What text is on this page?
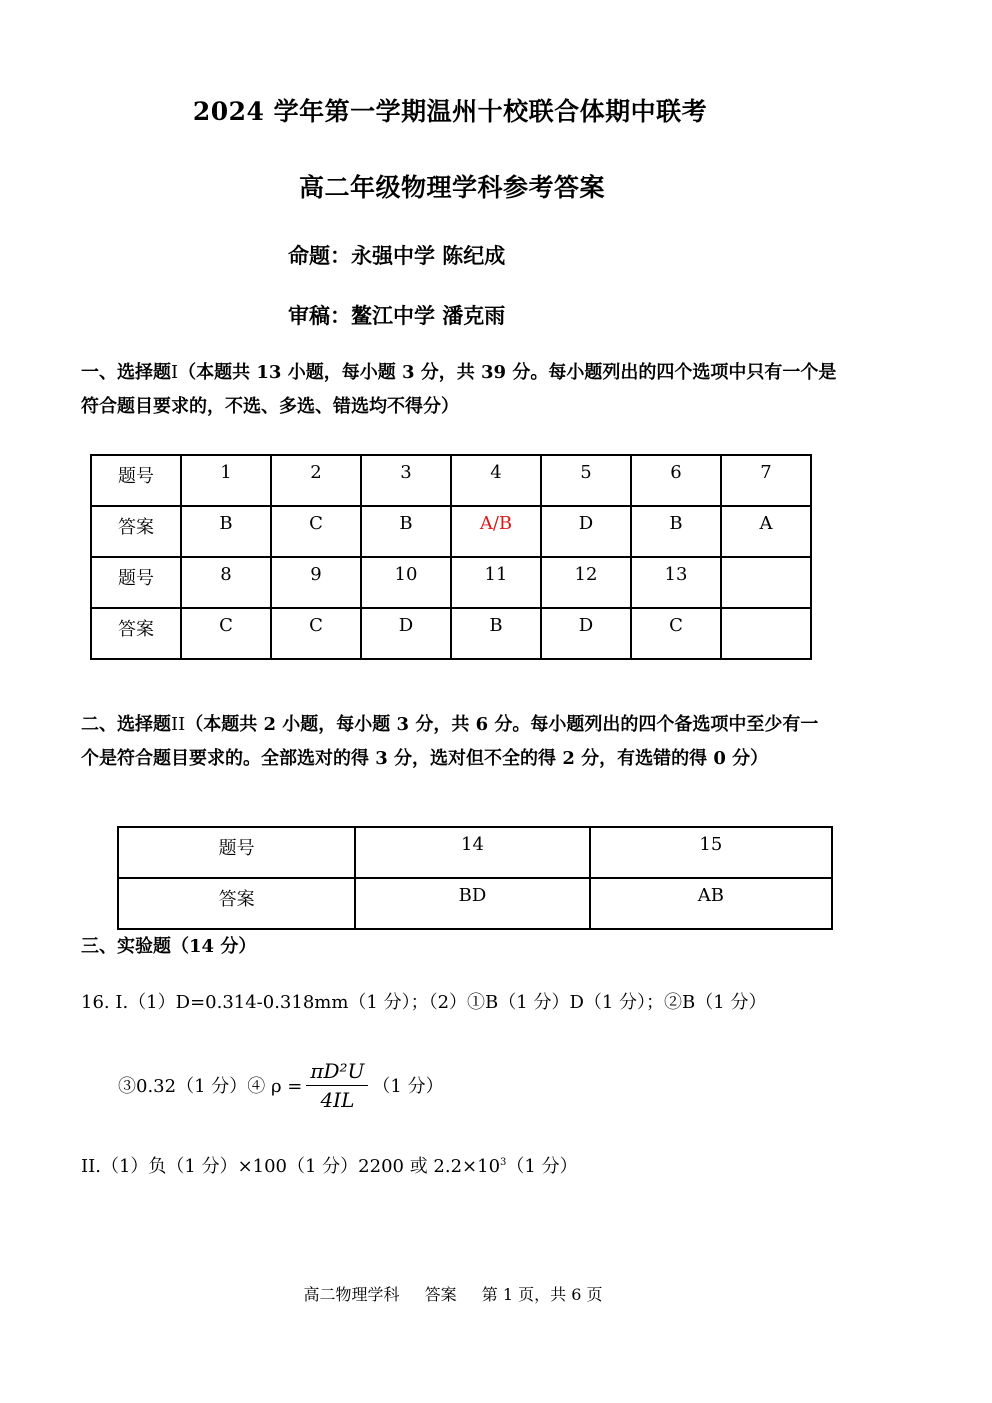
2024 学年第一学期温州十校联合体期中联考
高二年级物理学科参考答案
命题：永强中学 陈纪成
审稿：鳌江中学 潘克雨
一、选择题I（本题共 13 小题，每小题 3 分，共 39 分。每小题列出的四个选项中只有一个是符合题目要求的，不选、多选、错选均不得分）
题号	1	2	3	4	5	6	7
答案	B	C	B	A/B	D	B	A
题号	8	9	10	11	12	13	
答案	C	C	D	B	D	C	
二、选择题II（本题共 2 小题，每小题 3 分，共 6 分。每小题列出的四个备选项中至少有一个是符合题目要求的。全部选对的得 3 分，选对但不全的得 2 分，有选错的得 0 分）
题号	14	15
答案	BD	AB
三、实验题（14 分）
16. I.（1）D=0.314-0.318mm（1 分）；（2）①B（1 分）D（1 分）；②B（1 分）
③0.32（1 分）④ $\rho = \frac{\text{πD²U}}{4IL} (1$ 分）
II.（1）负（1 分）×100（1 分）2200 或 $2.2\times 10^3(1$ 分）
高二物理学科 答案 第 1 页，共 6 页
